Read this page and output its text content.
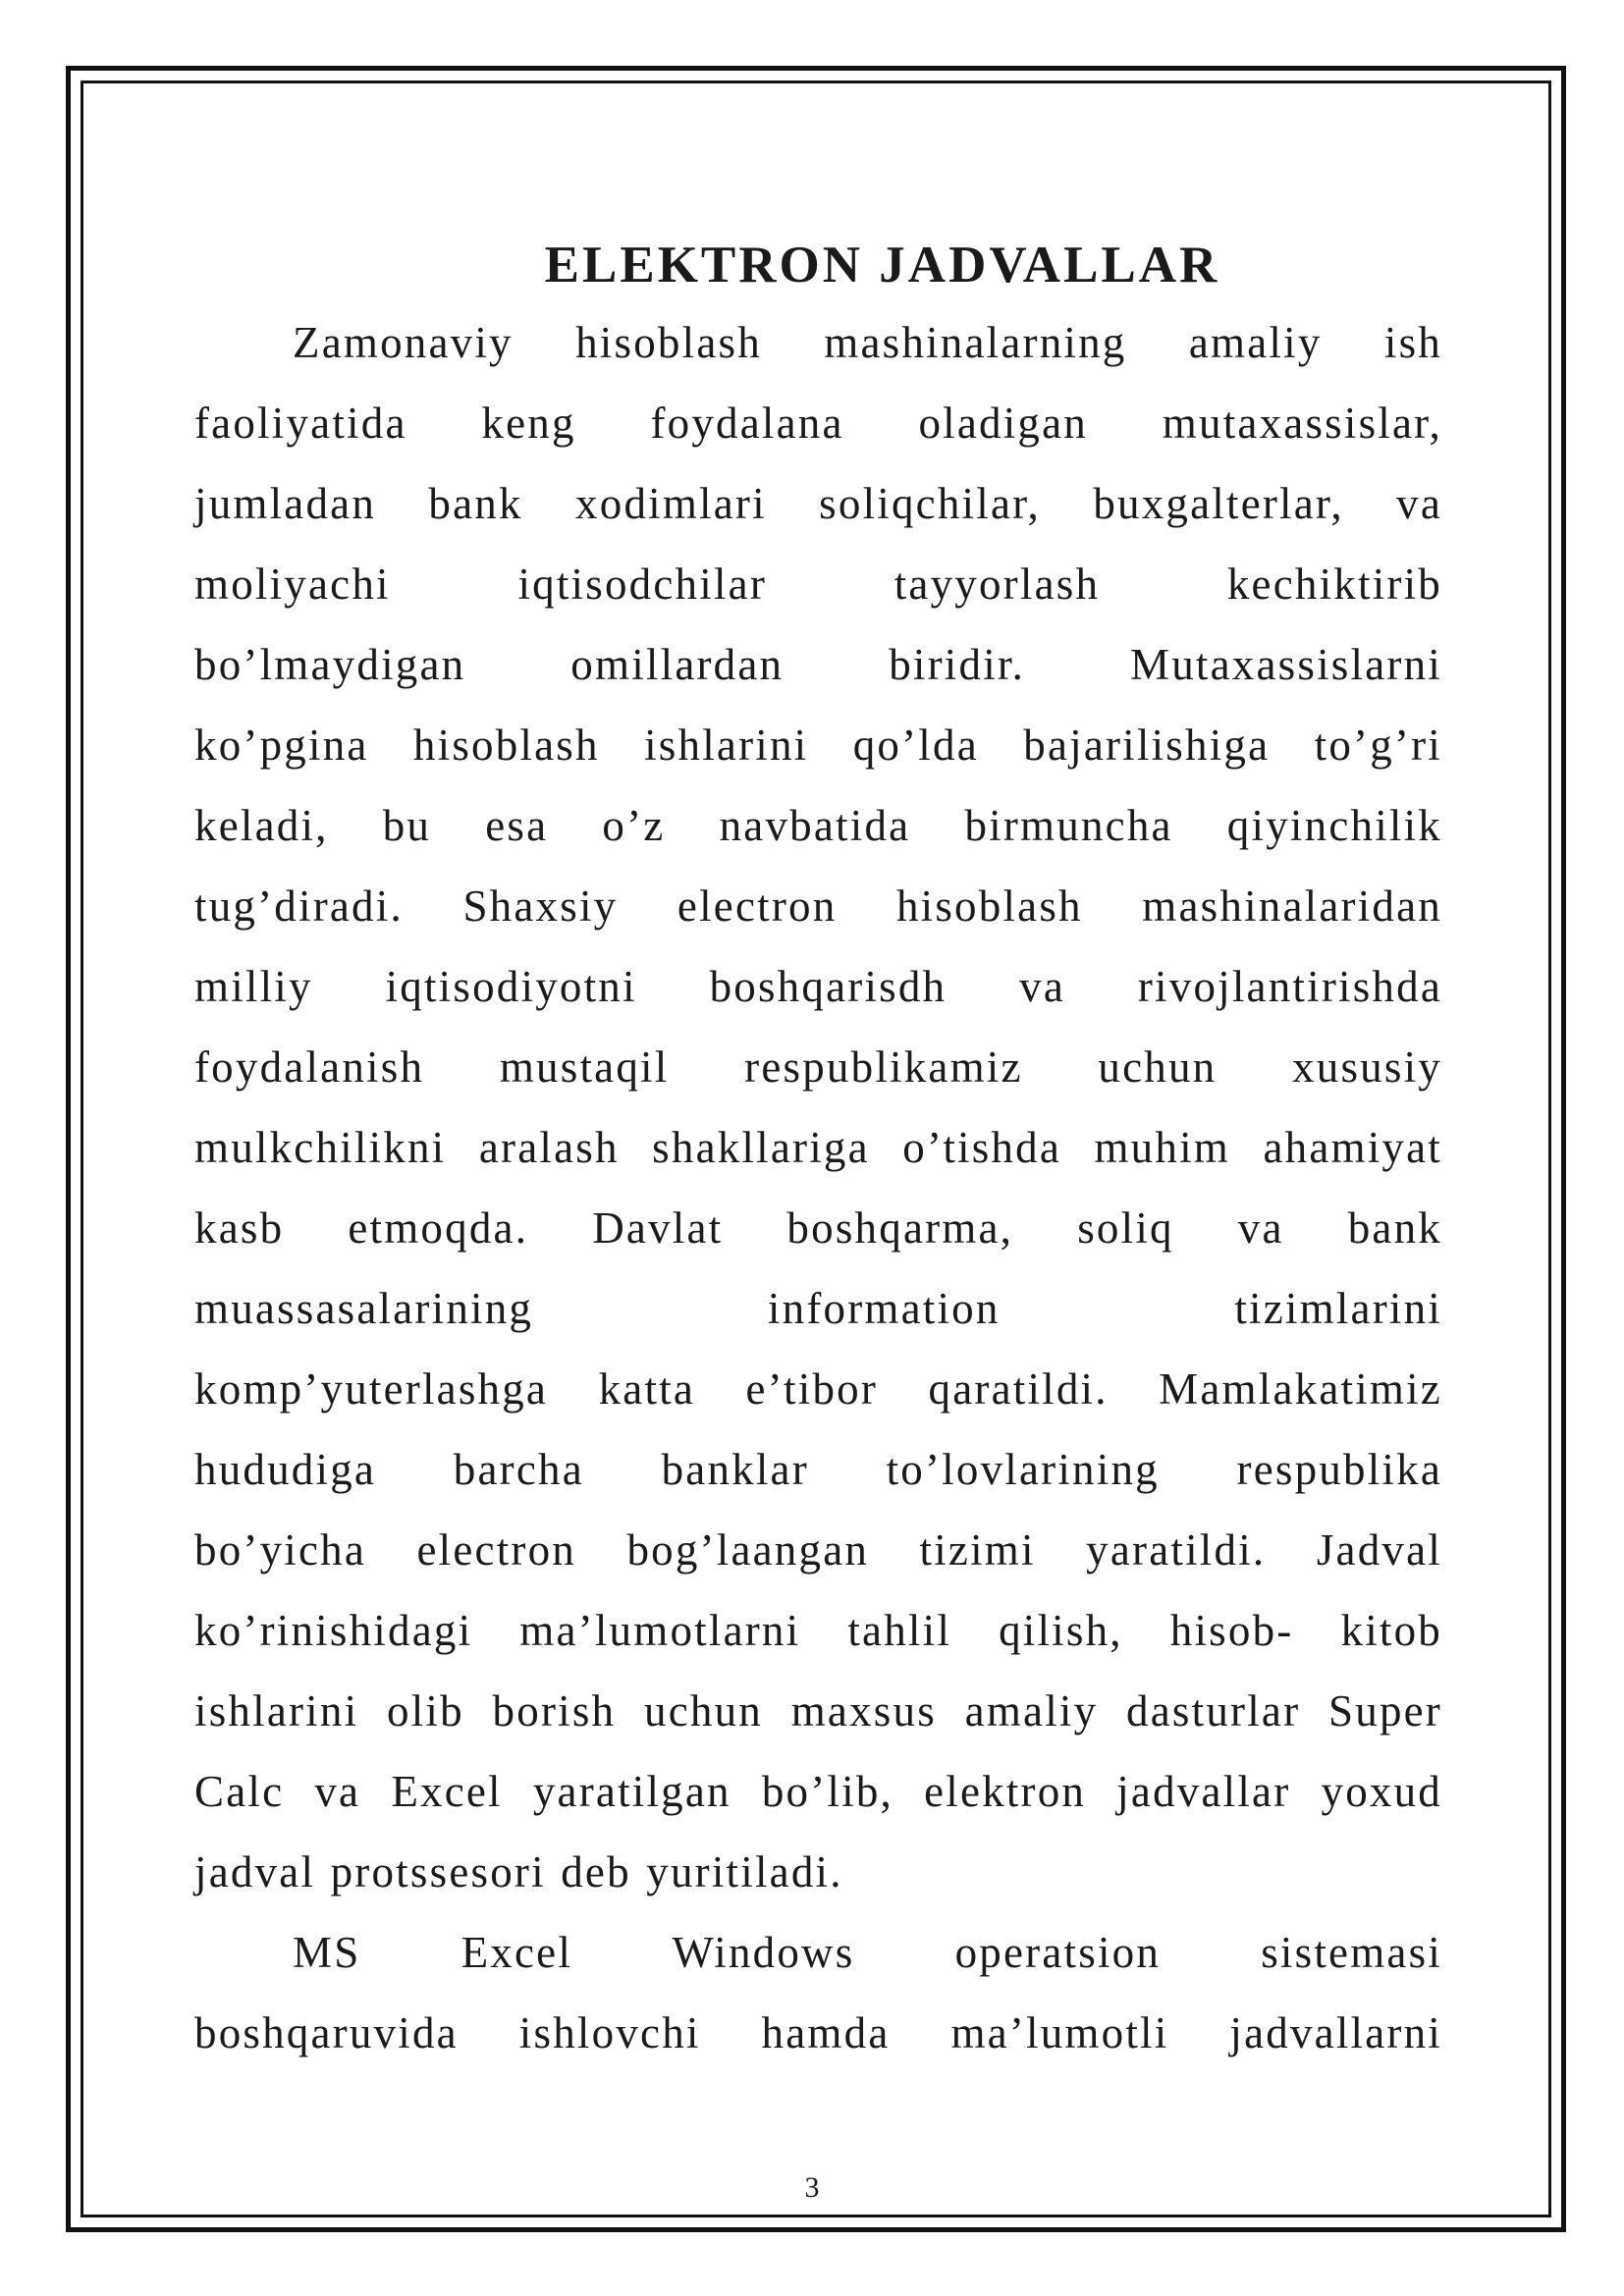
ELEKTRON JADVALLAR
Zamonaviy hisoblash mashinalarning amaliy ish
faoliyatida keng foydalana oladigan mutaxassislar,
jumladan bank xodimlari soliqchilar, buxgalterlar, va
moliyachi iqtisodchilar tayyorlash kechiktirib
bo’lmaydigan omillardan biridir. Mutaxassislarni
ko’pgina hisoblash ishlarini qo’lda bajarilishiga to’g’ri
keladi, bu esa o’z navbatida birmuncha qiyinchilik
tug’diradi. Shaxsiy electron hisoblash mashinalaridan
milliy iqtisodiyotni boshqarisdh va rivojlantirishda
foydalanish mustaqil respublikamiz uchun xususiy
mulkchilikni aralash shakllariga o’tishda muhim ahamiyat
kasb etmoqda. Davlat boshqarma, soliq va bank
muassasalarining information tizimlarini
komp’yuterlashga katta e’tibor qaratildi. Mamlakatimiz
hududiga barcha banklar to’lovlarining respublika
bo’yicha electron bog’laangan tizimi yaratildi. Jadval
ko’rinishidagi ma’lumotlarni tahlil qilish, hisob- kitob
ishlarini olib borish uchun maxsus amaliy dasturlar Super
Calc va Excel yaratilgan bo’lib, elektron jadvallar yoxud
jadval protssesori deb yuritiladi.
MS Excel Windows operatsion sistemasi
boshqaruvida ishlovchi hamda ma’lumotli jadvallarni
3
